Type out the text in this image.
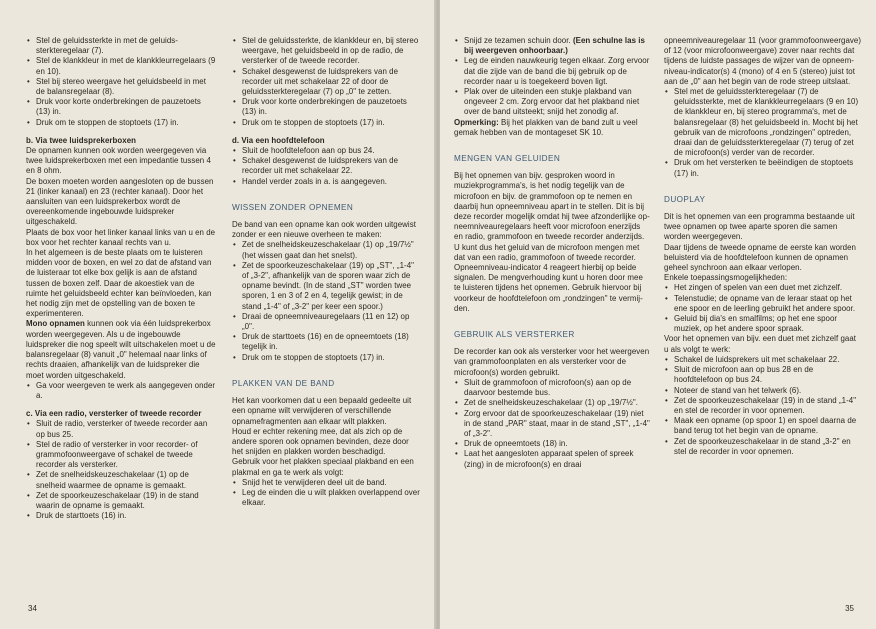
• Stel de geluidssterkte in met de geluidssterkteregelaar (7).
• Stel de klankkleur in met de klankkleurregelaars (9 en 10).
• Stel bij stereo weergave het geluidsbeeld in met de balansregelaar (8).
• Druk voor korte onderbrekingen de pauzetoets (13) in.
• Druk om te stoppen de stoptoets (17) in.

b. Via twee luidsprekerboxen

De opnamen kunnen ook worden weergegeven via twee luidsprekerboxen met een impedantie tussen 4 en 8 ohm.

De boxen moeten worden aangesloten op de bussen 21 (linker kanaal) en 23 (rechter kanaal). Door het aansluiten van een luidsprekerbox wordt de overeenkomende ingebouwde luidspreker uitgeschakeld.

Plaats de box voor het linker kanaal links van u en de box voor het rechter kanaal rechts van u.

In het algemeen is de beste plaats om te luisteren midden voor de boxen, en wel zo dat de afstand van de luisteraar tot elke box gelijk is aan de afstand tussen de boxen zelf. Daar de akoestiek van de ruimte het geluidsbeeld echter kan beïnvloeden, kan het nodig zijn met de opstelling van de boxen te experimenteren.

Mono opnamen kunnen ook via één luidsprekerbox worden weergegeven. Als u de ingebouwde luidspreker die nog speelt wilt uitschakelen moet u de balansregelaar (8) vanuit „0" helemaal naar links of rechts draaien, afhankelijk van de luidspreker die moet worden uitgeschakeld.

• Ga voor weergeven te werk als aangegeven onder a.

c. Via een radio, versterker of tweede recorder

• Sluit de radio, versterker of tweede recorder aan op bus 25.
• Stel de radio of versterker in voor recorder- of grammofoonweergave of schakel de tweede recorder als versterker.
• Zet de snelheidskeuzeschakelaar (1) op de snelheid waarmee de opname is gemaakt.
• Zet de spoorkeuzeschakelaar (19) in de stand waarin de opname is gemaakt.
• Druk de starttoets (16) in.
• Stel de geluidssterkte, de klankkleur en, bij stereo weergave, het geluidsbeeld in op de radio, de versterker of de tweede recorder.
• Schakel desgewenst de luidsprekers van de recorder uit met schakelaar 22 of door de geluidssterkteregelaar (7) op „0" te zetten.
• Druk voor korte onderbrekingen de pauzetoets (13) in.
• Druk om te stoppen de stoptoets (17) in.

d. Via een hoofdtelefoon

• Sluit de hoofdtelefoon aan op bus 24.
• Schakel desgewenst de luidsprekers van de recorder uit met schakelaar 22.
• Handel verder zoals in a. is aangegeven.

WISSEN ZONDER OPNEMEN

De band van een opname kan ook worden uitgewist zonder er een nieuwe overheen te maken:

• Zet de snelheidskeuzeschakelaar (1) op „19/7½" (het wissen gaat dan het snelst).
• Zet de spoorkeuzeschakelaar (19) op „ST", „1-4" of „3-2", afhankelijk van de sporen waar zich de opname bevindt. (In de stand „ST" worden twee sporen, 1 en 3 of 2 en 4, tegelijk gewist; in de stand „1-4" of „3-2" per keer een spoor.)
• Draai de opneemniveauregelaars (11 en 12) op „0".
• Druk de starttoets (16) en de opneemtoets (18) tegelijk in.
• Druk om te stoppen de stoptoets (17) in.

PLAKKEN VAN DE BAND

Het kan voorkomen dat u een bepaald gedeelte uit een opname wilt verwijderen of verschillende opnamefragmenten aan elkaar wilt plakken.

Houd er echter rekening mee, dat als zich op de andere sporen ook opnamen bevinden, deze door het snijden en plakken worden beschadigd.

Gebruik voor het plakken speciaal plakband en een plakmal en ga te werk als volgt:

• Snijd het te verwijderen deel uit de band.
• Leg de einden die u wilt plakken overlappend over elkaar.
34
• Snijd ze tezamen schuin door. (Een schulne las is bij weergeven onhoorbaar.)
• Leg de einden nauwkeurig tegen elkaar. Zorg ervoor dat die zijde van de band die bij gebruik op de recorder naar u is toegekeerd boven ligt.
• Plak over de uiteinden een stukje plakband van ongeveer 2 cm. Zorg ervoor dat het plakband niet over de band uitsteekt; snijd het zonodig af.

Opmerking: Bij het plakken van de band zult u veel gemak hebben van de montageset SK 10.

MENGEN VAN GELUIDEN

Bij het opnemen van bijv. gesproken woord in muziekprogramma's, is het nodig tegelijk van de microfoon en bijv. de grammofoon op te nemen en daarbij hun opneemniveau apart in te stellen. Dit is bij deze recorder mogelijk omdat hij twee afzonderlijke opneemniveauregelaars heeft voor microfoon enerzijds en radio, grammofoon en tweede recorder anderzijds. U kunt dus het geluid van de microfoon mengen met dat van een radio, grammofoon of tweede recorder. Opneemniveau-indicator 4 reageert hierbij op beide signalen. De mengverhouding kunt u horen door mee te luisteren tijdens het opnemen. Gebruik hiervoor bij voorkeur de hoofdtelefoon om „rondzingen" te vermijden.

GEBRUIK ALS VERSTERKER

De recorder kan ook als versterker voor het weergeven van grammofoonplaten en als versterker voor de microfoon(s) worden gebruikt.

• Sluit de grammofoon of microfoon(s) aan op de daarvoor bestemde bus.
• Zet de snelheidskeuzeschakelaar (1) op „19/7½".
• Zorg ervoor dat de spoorkeuzeschakelaar (19) niet in de stand „PAR" staat, maar in de stand „ST", „1-4" of „3-2".
• Druk de opneemtoets (18) in.
• Laat het aangesloten apparaat spelen of spreek (zing) in de microfoon(s) en draai

opneemniveauregelaar 11 (voor grammofoonweergave) of 12 (voor microfoonweergave) zover naar rechts dat tijdens de luidste passages de wijzer van de opneemniveau-indicator(s) 4 (mono) of 4 en 5 (stereo) juist tot aan de „0" aan het begin van de rode streep uitslaat.

• Stel met de geluidssterkteregelaar (7) de geluidssterkte, met de klankkleurregelaars (9 en 10) de klankkleur en, bij stereo programma's, met de balansregelaar (8) het geluidsbeeld in. Mocht bij het gebruik van de microfoons „rondzingen" optreden, draai dan de geluidssterkteregelaar (7) terug of zet de microfoon(s) verder van de recorder.
• Druk om het versterken te beëindigen de stoptoets (17) in.

DUOPLAY

Dit is het opnemen van een programma bestaande uit twee opnamen op twee aparte sporen die samen worden weergegeven.

Daar tijdens de tweede opname de eerste kan worden beluisterd via de hoofdtelefoon kunnen de opnamen geheel synchroon aan elkaar verlopen.

Enkele toepassingsmogelijkheden:

• Het zingen of spelen van een duet met zichzelf.
• Telenstudie; de opname van de leraar staat op het ene spoor en de leerling gebruikt het andere spoor.
• Geluid bij dia's en smalfilms; op het ene spoor muziek, op het andere spoor spraak.

Voor het opnemen van bijv. een duet met zichzelf gaat u als volgt te werk:

• Schakel de luidsprekers uit met schakelaar 22.
• Sluit de microfoon aan op bus 28 en de hoofdtelefoon op bus 24.
• Noteer de stand van het telwerk (6).
• Zet de spoorkeuzeschakelaar (19) in de stand „1-4" en stel de recorder in voor opnemen.
• Maak een opname (op spoor 1) en spoel daarna de band terug tot het begin van de opname.
• Zet de spoorkeuzeschakelaar in de stand „3-2" en stel de recorder in voor opnemen.
35
